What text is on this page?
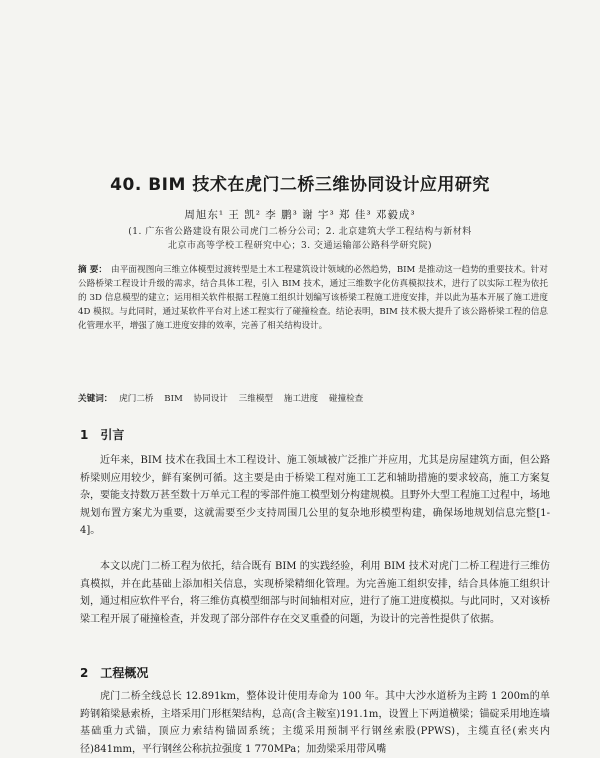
40. BIM 技术在虎门二桥三维协同设计应用研究
周旭东¹ 王 凯² 李 鹏³ 谢 宇³ 郑 佳³ 邓毅成³
(1. 广东省公路建设有限公司虎门二桥分公司；2. 北京建筑大学工程结构与新材料
北京市高等学校工程研究中心；3. 交通运输部公路科学研究院)
摘 要： 由平面视图向三维立体模型过渡转型是土木工程建筑设计领域的必然趋势，BIM 是推动这一趋势的重要技术。针对公路桥梁工程设计升级的需求，结合具体工程，引入 BIM 技术，通过三维数字化仿真模拟技术，进行了以实际工程为依托的 3D 信息模型的建立；运用相关软件根据工程施工组织计划编写该桥梁工程施工进度安排，并以此为基本开展了施工进度 4D 模拟。与此同时，通过某软件平台对上述工程实行了碰撞检查。结论表明，BIM 技术极大提升了该公路桥梁工程的信息化管理水平，增强了施工进度安排的效率，完善了相关结构设计。
关键词： 虎门二桥 BIM 协同设计 三维模型 施工进度 碰撞检查
1 引言

近年来，BIM 技术在我国土木工程设计、施工领域被广泛推广并应用，尤其是房屋建筑方面，但公路桥梁则应用较少，鲜有案例可循。这主要是由于桥梁工程对施工工艺和辅助措施的要求较高，施工方案复杂，要能支持数万甚至数十万单元工程的零部件施工模型划分构建规模。且野外大型工程施工过程中，场地规划布置方案尤为重要，这就需要至少支持周围几公里的复杂地形模型构建，确保场地规划信息完整[1-4]。

本文以虎门二桥工程为依托，结合既有 BIM 的实践经验，利用 BIM 技术对虎门二桥工程进行三维仿真模拟，并在此基础上添加相关信息，实现桥梁精细化管理。为完善施工组织安排，结合具体施工组织计划，通过相应软件平台，将三维仿真模型细部与时间轴相对应，进行了施工进度模拟。与此同时，又对该桥梁工程开展了碰撞检查，并发现了部分部件存在交叉重叠的问题，为设计的完善性提供了依据。

2 工程概况

虎门二桥全线总长 12.891km，整体设计使用寿命为 100 年。其中大沙水道桥为主跨 1 200m的单跨钢箱梁悬索桥，主塔采用门形框架结构，总高(含主鞍室)191.1m，设置上下两道横梁；锚碇采用地连墙基础重力式锚，顶应力索结构锚固系统；主缆采用预制平行钢丝索股(PPWS)，主缆直径(索夹内径)841mm，平行钢丝公称抗拉强度 1 770MPa；加劲梁采用带风嘴
